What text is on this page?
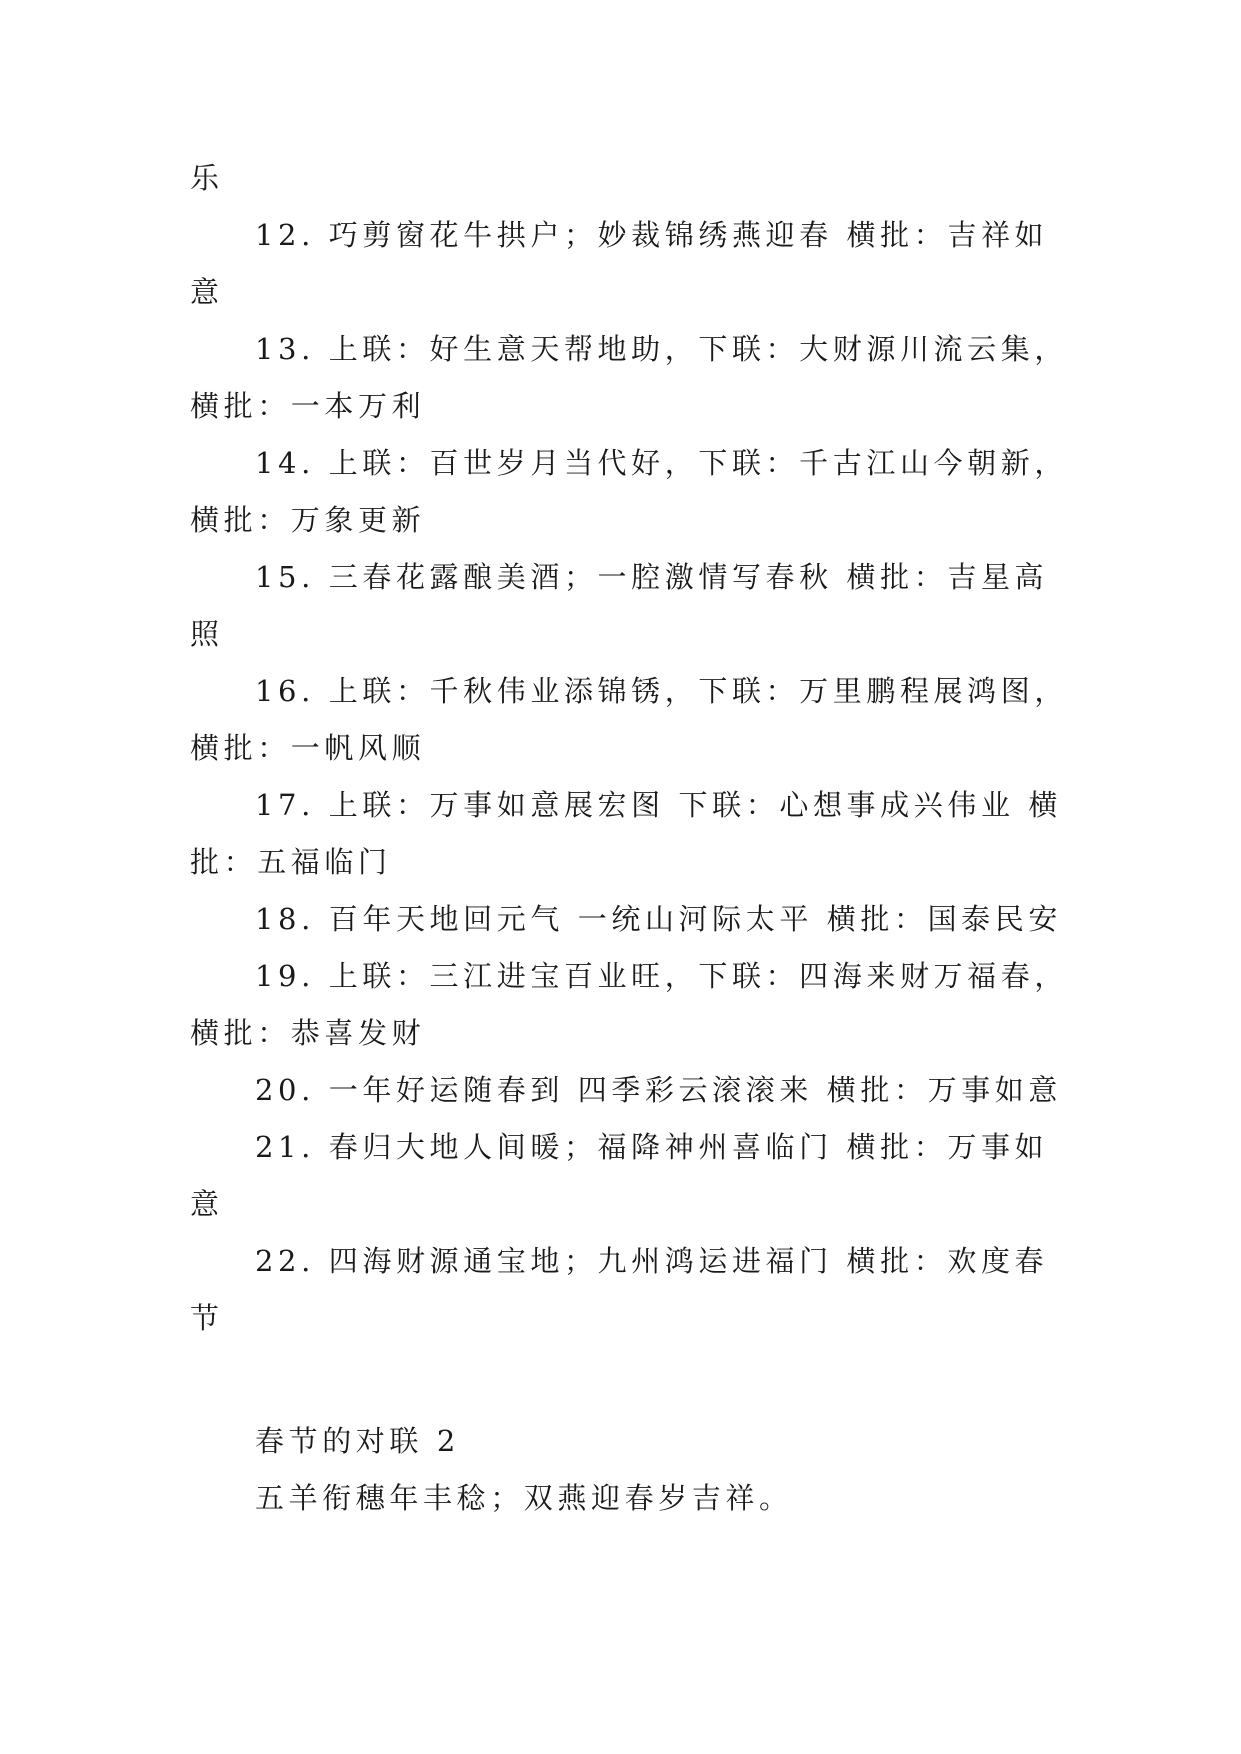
乐
12. 巧剪窗花牛拱户；妙裁锦绣燕迎春 横批：吉祥如
意
13. 上联：好生意天帮地助，下联：大财源川流云集，
横批：一本万利
14. 上联：百世岁月当代好，下联：千古江山今朝新，
横批：万象更新
15. 三春花露酿美酒；一腔激情写春秋 横批：吉星高
照
16. 上联：千秋伟业添锦锈，下联：万里鹏程展鸿图，
横批：一帆风顺
17. 上联：万事如意展宏图 下联：心想事成兴伟业 横
批：五福临门
18. 百年天地回元气 一统山河际太平 横批：国泰民安
19. 上联：三江进宝百业旺，下联：四海来财万福春，
横批：恭喜发财
20. 一年好运随春到 四季彩云滚滚来 横批：万事如意
21. 春归大地人间暖；福降神州喜临门 横批：万事如
意
22. 四海财源通宝地；九州鸿运进福门 横批：欢度春
节
春节的对联 2
五羊衔穗年丰稔；双燕迎春岁吉祥。
